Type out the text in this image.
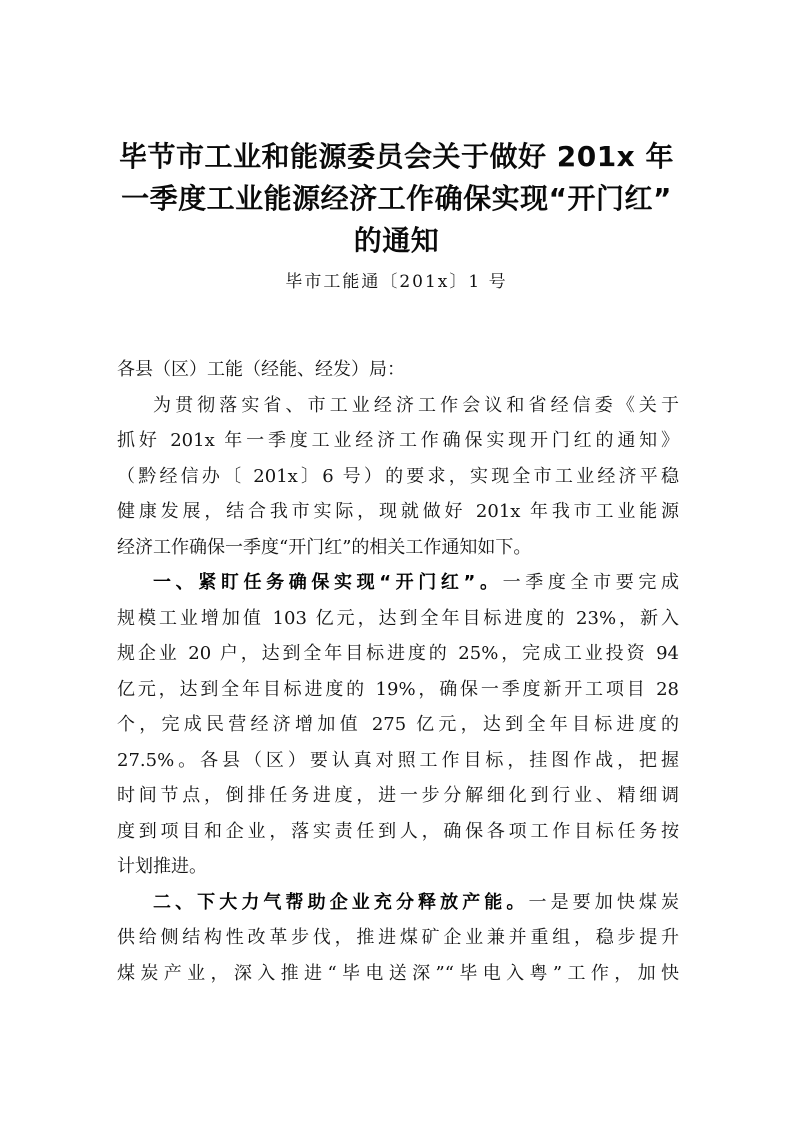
毕节市工业和能源委员会关于做好 201x 年
一季度工业能源经济工作确保实现“开门红”
的通知
毕市工能通〔201x〕1 号
各县（区）工能（经能、经发）局：
为贯彻落实省、市工业经济工作会议和省经信委《关于
抓好 201x 年一季度工业经济工作确保实现开门红的通知》
（黔经信办〔 201x〕6 号）的要求，实现全市工业经济平稳
健康发展，结合我市实际，现就做好 201x 年我市工业能源
经济工作确保一季度“开门红”的相关工作通知如下。
一、紧盯任务确保实现“开门红”。一季度全市要完成
规模工业增加值 103 亿元，达到全年目标进度的 23%，新入
规企业 20 户，达到全年目标进度的 25%，完成工业投资 94
亿元，达到全年目标进度的 19%，确保一季度新开工项目 28
个，完成民营经济增加值 275 亿元，达到全年目标进度的
27.5%。各县（区）要认真对照工作目标，挂图作战，把握
时间节点，倒排任务进度，进一步分解细化到行业、精细调
度到项目和企业，落实责任到人，确保各项工作目标任务按
计划推进。
二、下大力气帮助企业充分释放产能。一是要加快煤炭
供给侧结构性改革步伐，推进煤矿企业兼并重组，稳步提升
煤炭产业，深入推进“毕电送深”“毕电入粤”工作，加快
